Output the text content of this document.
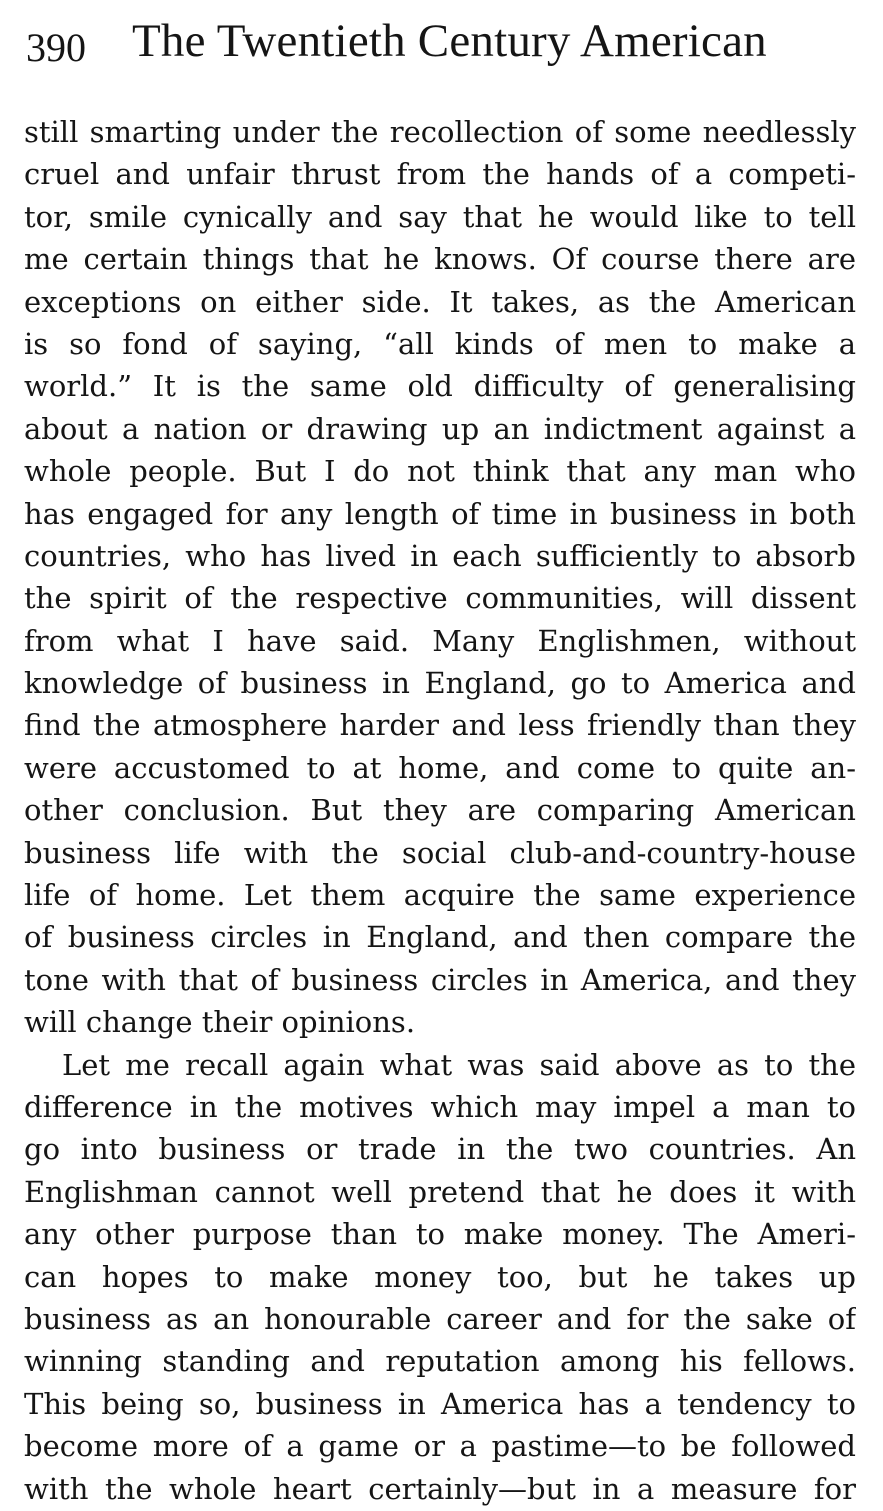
390 The Twentieth Century American
still smarting under the recollection of some needlessly
cruel and unfair thrust from the hands of a competi-
tor, smile cynically and say that he would like to tell
me certain things that he knows. Of course there are
exceptions on either side. It takes, as the American
is so fond of saying, “all kinds of men to make a
world.” It is the same old difficulty of generalising
about a nation or drawing up an indictment against a
whole people. But I do not think that any man who
has engaged for any length of time in business in both
countries, who has lived in each sufficiently to absorb
the spirit of the respective communities, will dissent
from what I have said. Many Englishmen, without
knowledge of business in England, go to America and
find the atmosphere harder and less friendly than they
were accustomed to at home, and come to quite an-
other conclusion. But they are comparing American
business life with the social club-and-country-house
life of home. Let them acquire the same experience
of business circles in England, and then compare the
tone with that of business circles in America, and they
will change their opinions.
Let me recall again what was said above as to the
difference in the motives which may impel a man to
go into business or trade in the two countries. An
Englishman cannot well pretend that he does it with
any other purpose than to make money. The Ameri-
can hopes to make money too, but he takes up
business as an honourable career and for the sake of
winning standing and reputation among his fellows.
This being so, business in America has a tendency to
become more of a game or a pastime—to be followed
with the whole heart certainly—but in a measure for
